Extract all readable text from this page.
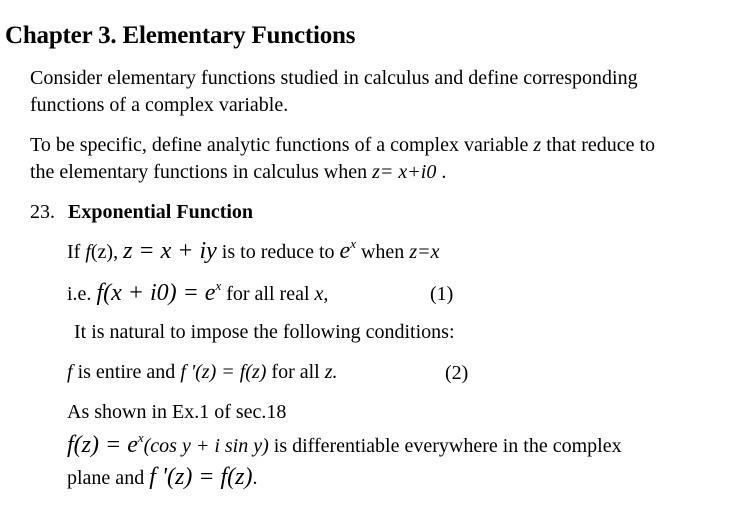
Chapter 3. Elementary Functions
Consider elementary functions studied in calculus and define corresponding
functions of a complex variable.
To be specific, define analytic functions of a complex variable z that reduce to
the elementary functions in calculus when z= x+i0 .
23. Exponential Function
If f(z), z = x + iy is to reduce to $e^x$ when z=x
i.e. $f(x + i0) = e^x$ for all real x,	(1)
It is natural to impose the following conditions:
f is entire and f '(z) = f(z) for all z.	(2)
As shown in Ex.1 of sec.18
$f(z) = e^x(\cos$ y + i sin y) is differentiable everywhere in the complex
plane and f '(z) = f(z).
